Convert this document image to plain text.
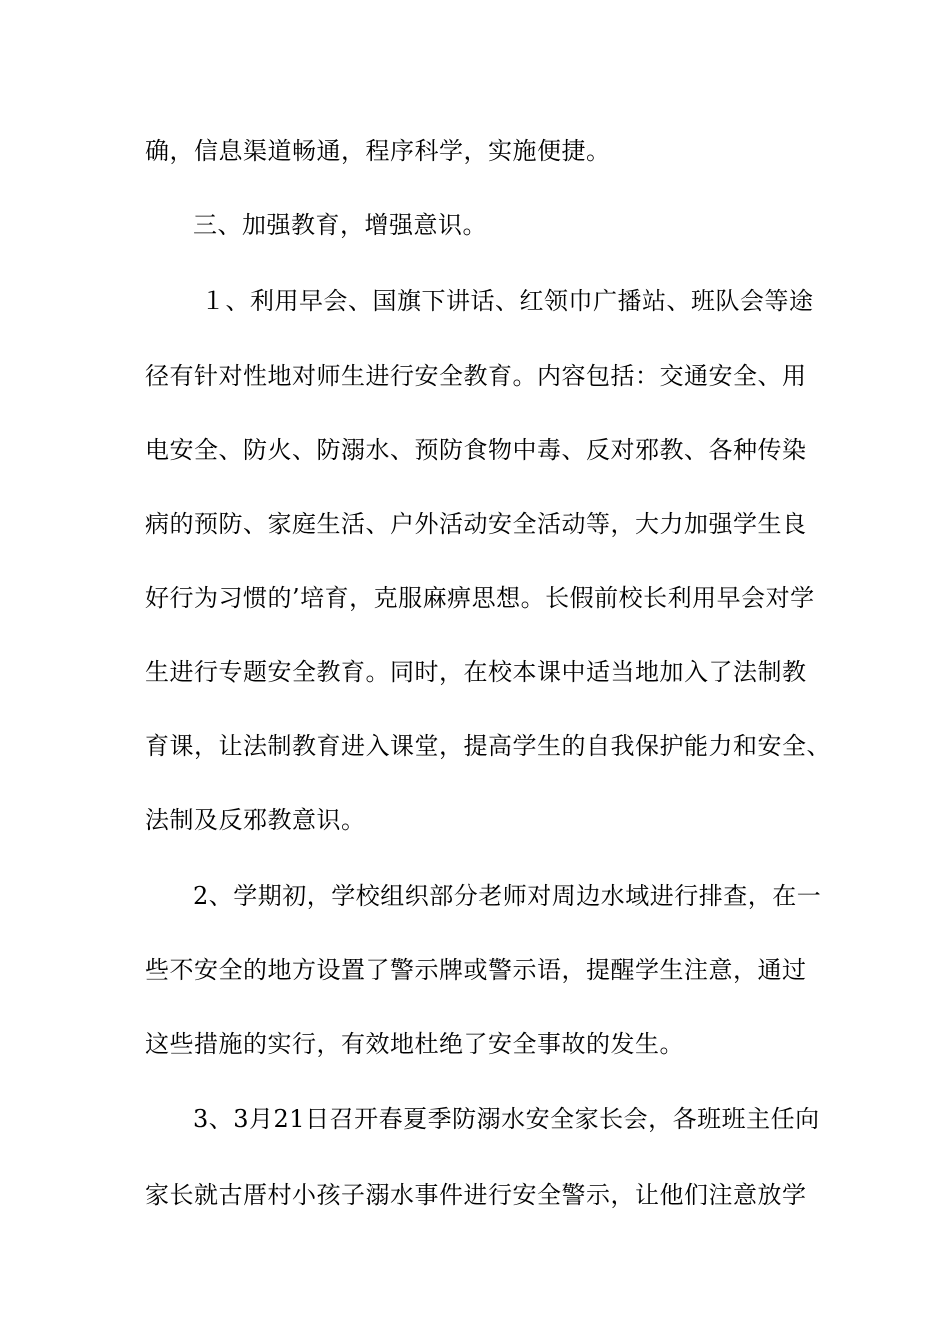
确，信息渠道畅通，程序科学，实施便捷。
三、加强教育，增强意识。
１、利用早会、国旗下讲话、红领巾广播站、班队会等途
径有针对性地对师生进行安全教育。内容包括：交通安全、用
电安全、防火、防溺水、预防食物中毒、反对邪教、各种传染
病的预防、家庭生活、户外活动安全活动等，大力加强学生良
好行为习惯的’培育，克服麻痹思想。长假前校长利用早会对学
生进行专题安全教育。同时，在校本课中适当地加入了法制教
育课，让法制教育进入课堂，提高学生的自我保护能力和安全、
法制及反邪教意识。
2、学期初，学校组织部分老师对周边水域进行排查，在一
些不安全的地方设置了警示牌或警示语，提醒学生注意，通过
这些措施的实行，有效地杜绝了安全事故的发生。
3、3月21日召开春夏季防溺水安全家长会，各班班主任向
家长就古厝村小孩子溺水事件进行安全警示，让他们注意放学
